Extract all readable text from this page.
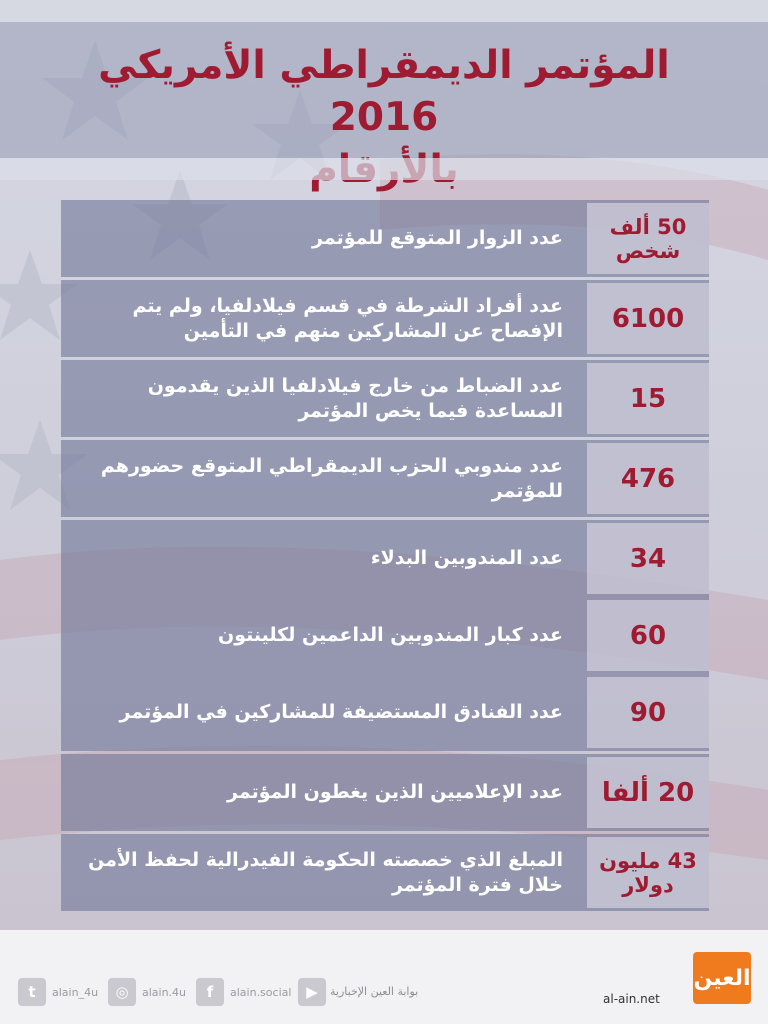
المؤتمر الديمقراطي الأمريكي 2016
50 ألف شخص
عدد الزوار المتوقع للمؤتمر
6100
عدد أفراد الشرطة في قسم فيلادلفيا، ولم يتم الإفصاح عن المشاركين منهم في التأمين
15
عدد الضباط من خارج فيلادلفيا الذين يقدمون المساعدة فيما يخص المؤتمر
476
عدد مندوبي الحزب الديمقراطي المتوقع حضورهم للمؤتمر
34
عدد المندوبين البدلاء
60
عدد كبار المندوبين الداعمين لكلينتون
90
عدد الفنادق المستضيفة للمشاركين في المؤتمر
20 ألفا
عدد الإعلاميين الذين يغطون المؤتمر
43 مليون دولار
المبلغ الذي خصصته الحكومة الفيدرالية لحفظ الأمن خلال فترة المؤتمر
t	alain_4u	◎	alain.4u	f	alain.social ▶	بوابة العين الإخبارية
al-ain.net
العين
